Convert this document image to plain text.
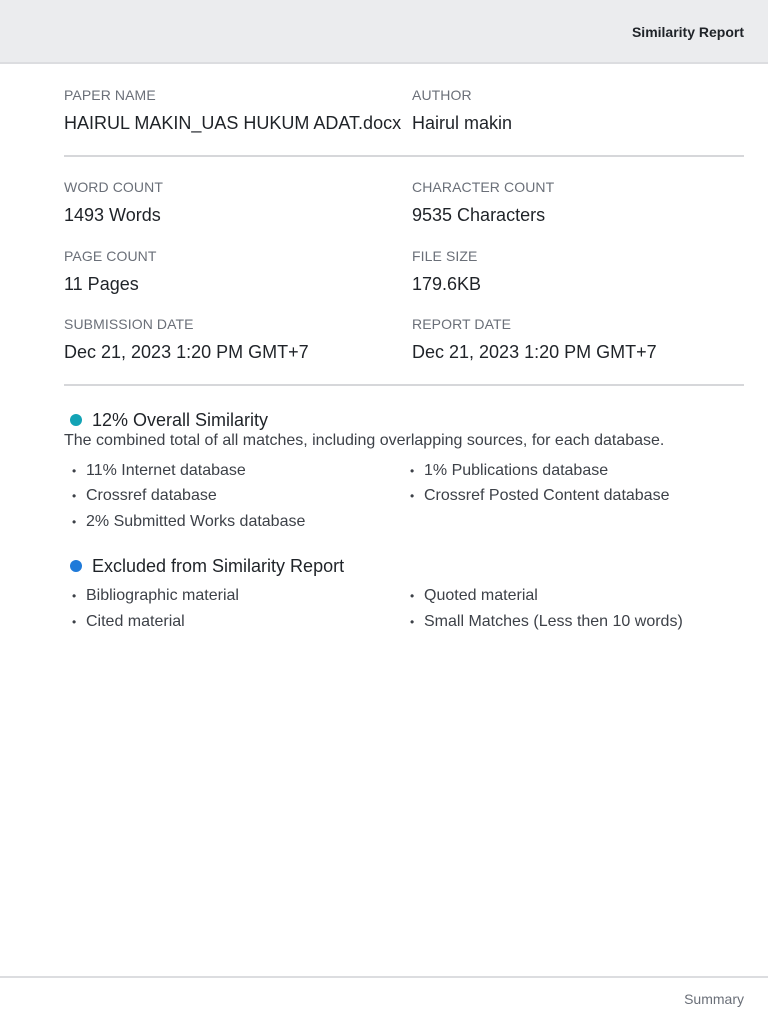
Similarity Report
PAPER NAME
HAIRUL MAKIN_UAS HUKUM ADAT.docx
AUTHOR
Hairul makin
WORD COUNT
1493 Words
CHARACTER COUNT
9535 Characters
PAGE COUNT
11 Pages
FILE SIZE
179.6KB
SUBMISSION DATE
Dec 21, 2023 1:20 PM GMT+7
REPORT DATE
Dec 21, 2023 1:20 PM GMT+7
12% Overall Similarity
The combined total of all matches, including overlapping sources, for each database.
• 11% Internet database	• 1% Publications database
• Crossref database	• Crossref Posted Content database
• 2% Submitted Works database
Excluded from Similarity Report
• Bibliographic material	• Quoted material
• Cited material	• Small Matches (Less then 10 words)
Summary
